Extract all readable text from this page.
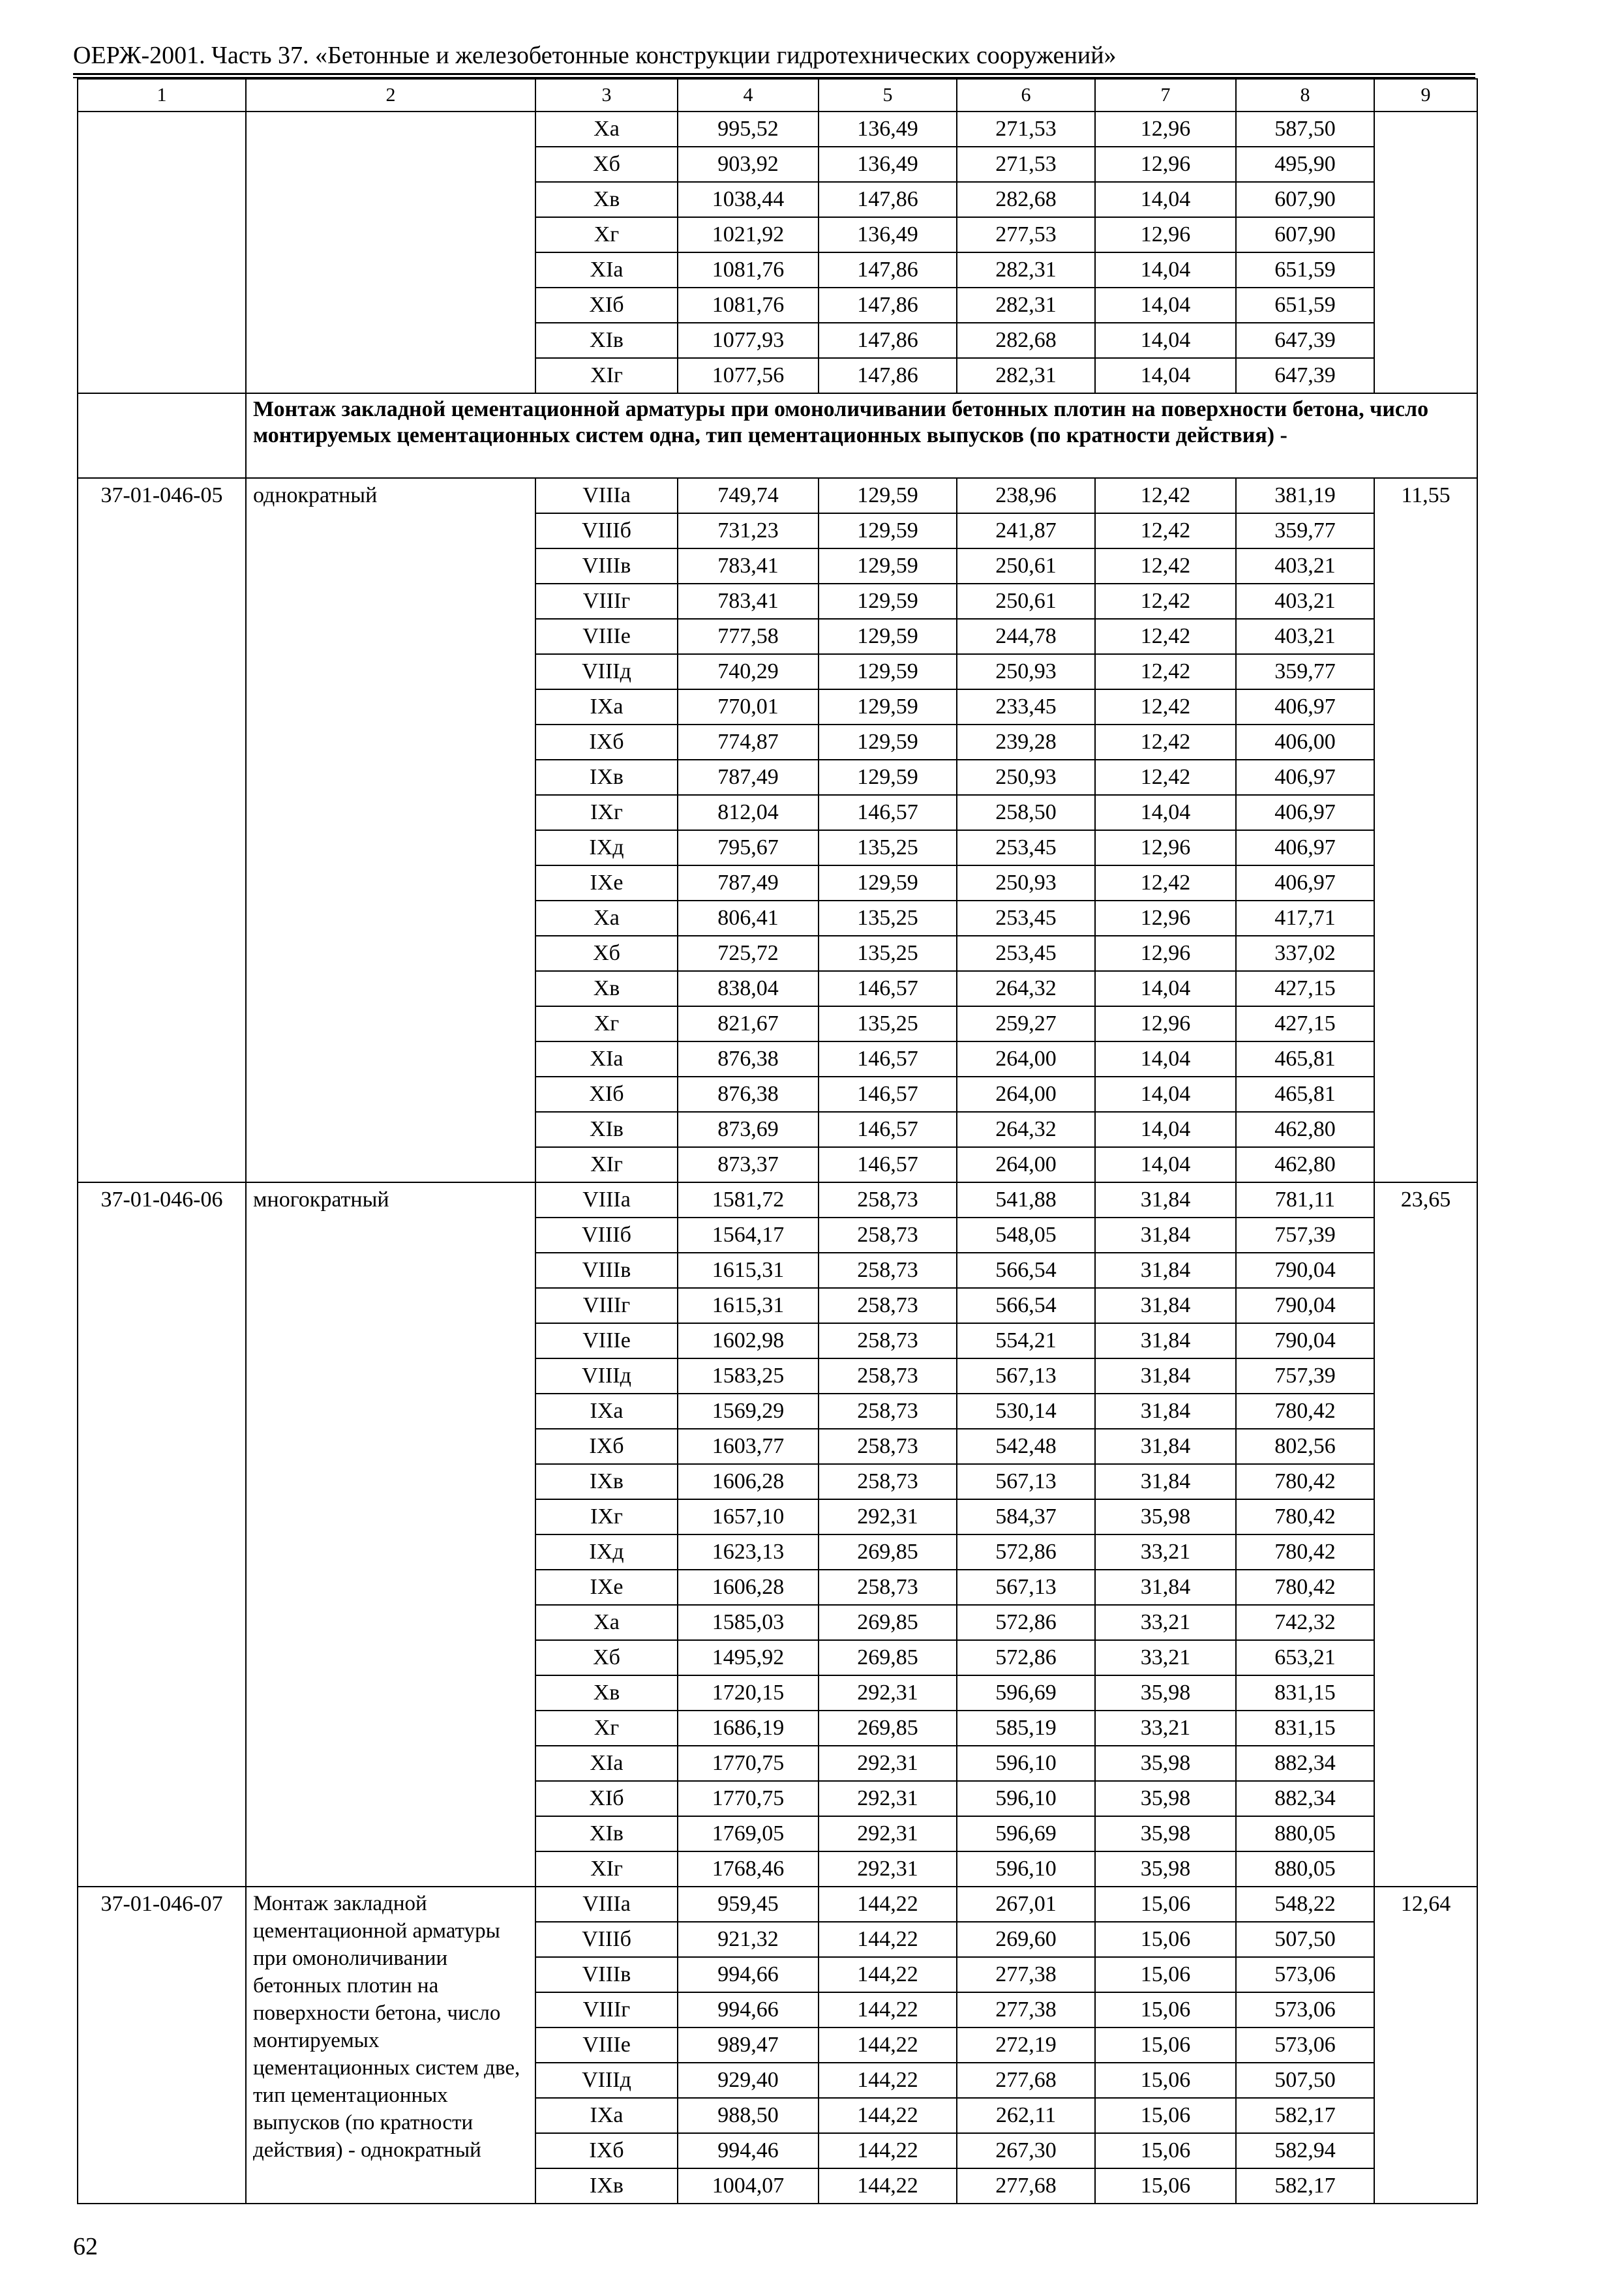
ОЕРЖ-2001. Часть 37. «Бетонные и железобетонные конструкции гидротехнических сооружений»
1	2	3	4	5	6	7	8	9
		Ха	995,52	136,49	271,53	12,96	587,50	
		Хб	903,92	136,49	271,53	12,96	495,90	
		Хв	1038,44	147,86	282,68	14,04	607,90	
		Хг	1021,92	136,49	277,53	12,96	607,90	
		ХIа	1081,76	147,86	282,31	14,04	651,59	
		ХIб	1081,76	147,86	282,31	14,04	651,59	
		ХIв	1077,93	147,86	282,68	14,04	647,39	
		ХIг	1077,56	147,86	282,31	14,04	647,39	
	Монтаж закладной цементационной арматуры при омоноличивании бетонных плотин на поверхности бетона, число монтируемых цементационных систем одна, тип цементационных выпусков (по кратности действия) -							
37-01-046-05	однократный	VIIIа	749,74	129,59	238,96	12,42	381,19	11,55
		VIIIб	731,23	129,59	241,87	12,42	359,77	
		VIIIв	783,41	129,59	250,61	12,42	403,21	
		VIIIг	783,41	129,59	250,61	12,42	403,21	
		VIIIе	777,58	129,59	244,78	12,42	403,21	
		VIIIд	740,29	129,59	250,93	12,42	359,77	
		IХа	770,01	129,59	233,45	12,42	406,97	
		IХб	774,87	129,59	239,28	12,42	406,00	
		IХв	787,49	129,59	250,93	12,42	406,97	
		IХг	812,04	146,57	258,50	14,04	406,97	
		IХд	795,67	135,25	253,45	12,96	406,97	
		IХе	787,49	129,59	250,93	12,42	406,97	
		Ха	806,41	135,25	253,45	12,96	417,71	
		Хб	725,72	135,25	253,45	12,96	337,02	
		Хв	838,04	146,57	264,32	14,04	427,15	
		Хг	821,67	135,25	259,27	12,96	427,15	
		ХIа	876,38	146,57	264,00	14,04	465,81	
		ХIб	876,38	146,57	264,00	14,04	465,81	
		ХIв	873,69	146,57	264,32	14,04	462,80	
		ХIг	873,37	146,57	264,00	14,04	462,80	
37-01-046-06	многократный	VIIIа	1581,72	258,73	541,88	31,84	781,11	23,65
		VIIIб	1564,17	258,73	548,05	31,84	757,39	
		VIIIв	1615,31	258,73	566,54	31,84	790,04	
		VIIIг	1615,31	258,73	566,54	31,84	790,04	
		VIIIе	1602,98	258,73	554,21	31,84	790,04	
		VIIIд	1583,25	258,73	567,13	31,84	757,39	
		IХа	1569,29	258,73	530,14	31,84	780,42	
		IХб	1603,77	258,73	542,48	31,84	802,56	
		IХв	1606,28	258,73	567,13	31,84	780,42	
		IХг	1657,10	292,31	584,37	35,98	780,42	
		IХд	1623,13	269,85	572,86	33,21	780,42	
		IХе	1606,28	258,73	567,13	31,84	780,42	
		Ха	1585,03	269,85	572,86	33,21	742,32	
		Хб	1495,92	269,85	572,86	33,21	653,21	
		Хв	1720,15	292,31	596,69	35,98	831,15	
		Хг	1686,19	269,85	585,19	33,21	831,15	
		ХIа	1770,75	292,31	596,10	35,98	882,34	
		ХIб	1770,75	292,31	596,10	35,98	882,34	
		ХIв	1769,05	292,31	596,69	35,98	880,05	
		ХIг	1768,46	292,31	596,10	35,98	880,05	
37-01-046-07	Монтаж закладной цементационной арматуры при омоноличивании бетонных плотин на поверхности бетона, число монтируемых цементационных систем две, тип цементационных выпусков (по кратности действия) - однократный	VIIIа	959,45	144,22	267,01	15,06	548,22	12,64
		VIIIб	921,32	144,22	269,60	15,06	507,50	
		VIIIв	994,66	144,22	277,38	15,06	573,06	
		VIIIг	994,66	144,22	277,38	15,06	573,06	
		VIIIе	989,47	144,22	272,19	15,06	573,06	
		VIIIд	929,40	144,22	277,68	15,06	507,50	
		IХа	988,50	144,22	262,11	15,06	582,17	
		IХб	994,46	144,22	267,30	15,06	582,94	
		IХв	1004,07	144,22	277,68	15,06	582,17	
62
